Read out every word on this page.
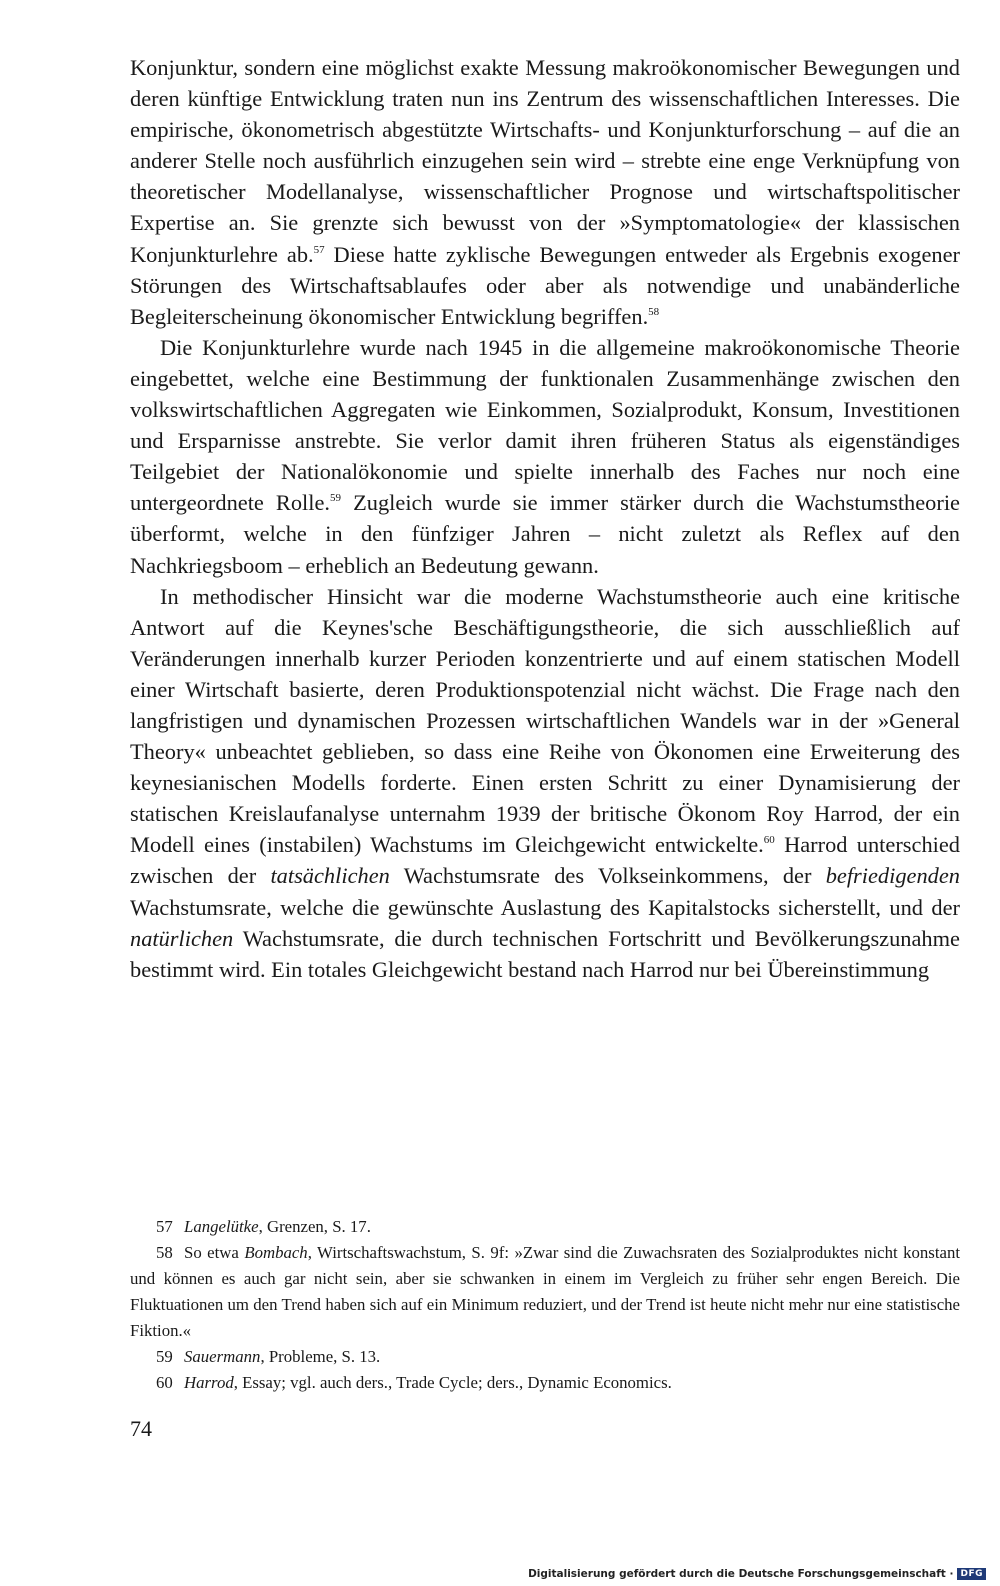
Konjunktur, sondern eine möglichst exakte Messung makroökonomischer Bewegungen und deren künftige Entwicklung traten nun ins Zentrum des wissenschaftlichen Interesses. Die empirische, ökonometrisch abgestützte Wirtschafts- und Konjunkturforschung – auf die an anderer Stelle noch ausführlich einzugehen sein wird – strebte eine enge Verknüpfung von theoretischer Modellanalyse, wissenschaftlicher Prognose und wirtschaftspolitischer Expertise an. Sie grenzte sich bewusst von der »Symptomatologie« der klassischen Konjunkturlehre ab.$^{57}$ Diese hatte zyklische Bewegungen entweder als Ergebnis exogener Störungen des Wirtschaftsablaufes oder aber als notwendige und unabänderliche Begleiterscheinung ökonomischer Entwicklung begriffen.$^{58}$

Die Konjunkturlehre wurde nach 1945 in die allgemeine makroökonomische Theorie eingebettet, welche eine Bestimmung der funktionalen Zusammenhänge zwischen den volkswirtschaftlichen Aggregaten wie Einkommen, Sozialprodukt, Konsum, Investitionen und Ersparnisse anstrebte. Sie verlor damit ihren früheren Status als eigenständiges Teilgebiet der Nationalökonomie und spielte innerhalb des Faches nur noch eine untergeordnete Rolle.$^{59}$ Zugleich wurde sie immer stärker durch die Wachstumstheorie überformt, welche in den fünfziger Jahren – nicht zuletzt als Reflex auf den Nachkriegsboom – erheblich an Bedeutung gewann.

In methodischer Hinsicht war die moderne Wachstumstheorie auch eine kritische Antwort auf die Keynes'sche Beschäftigungstheorie, die sich ausschließlich auf Veränderungen innerhalb kurzer Perioden konzentrierte und auf einem statischen Modell einer Wirtschaft basierte, deren Produktionspotenzial nicht wächst. Die Frage nach den langfristigen und dynamischen Prozessen wirtschaftlichen Wandels war in der »General Theory« unbeachtet geblieben, so dass eine Reihe von Ökonomen eine Erweiterung des keynesianischen Modells forderte. Einen ersten Schritt zu einer Dynamisierung der statischen Kreislaufanalyse unternahm 1939 der britische Ökonom Roy Harrod, der ein Modell eines (instabilen) Wachstums im Gleichgewicht entwickelte.$^{60}$ Harrod unterschied zwischen der tatsächlichen Wachstumsrate des Volkseinkommens, der befriedigenden Wachstumsrate, welche die gewünschte Auslastung des Kapitalstocks sicherstellt, und der natürlichen Wachstumsrate, die durch technischen Fortschritt und Bevölkerungszunahme bestimmt wird. Ein totales Gleichgewicht bestand nach Harrod nur bei Übereinstimmung

57 Langelütke, Grenzen, S. 17.

58 So etwa Bombach, Wirtschaftswachstum, S. 9f: »Zwar sind die Zuwachsraten des Sozialproduktes nicht konstant und können es auch gar nicht sein, aber sie schwanken in einem im Vergleich zu früher sehr engen Bereich. Die Fluktuationen um den Trend haben sich auf ein Minimum reduziert, und der Trend ist heute nicht mehr nur eine statistische Fiktion.«

59 Sauermann, Probleme, S. 13.

60 Harrod, Essay; vgl. auch ders., Trade Cycle; ders., Dynamic Economics.

74
Digitalisierung gefördert durch die Deutsche Forschungsgemeinschaft · DFG
